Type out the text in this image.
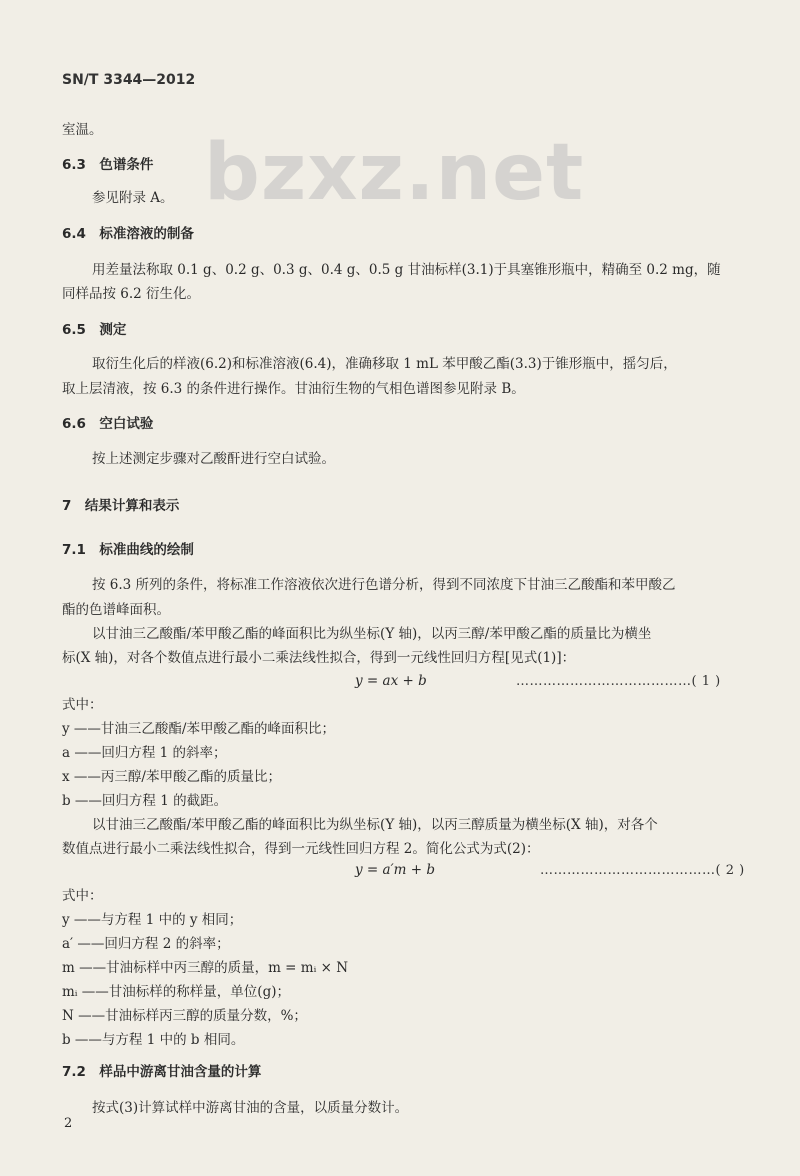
SN/T 3344—2012
bzxz.net
室温。
6.3　色谱条件
参见附录 A。
6.4　标准溶液的制备
用差量法称取 0.1 g、0.2 g、0.3 g、0.4 g、0.5 g 甘油标样(3.1)于具塞锥形瓶中，精确至 0.2 mg，随
同样品按 6.2 衍生化。
6.5　测定
取衍生化后的样液(6.2)和标准溶液(6.4)，准确移取 1 mL 苯甲酸乙酯(3.3)于锥形瓶中，摇匀后，
取上层清液，按 6.3 的条件进行操作。甘油衍生物的气相色谱图参见附录 B。
6.6　空白试验
按上述测定步骤对乙酸酐进行空白试验。
7　结果计算和表示
7.1　标准曲线的绘制
按 6.3 所列的条件，将标准工作溶液依次进行色谱分析，得到不同浓度下甘油三乙酸酯和苯甲酸乙
酯的色谱峰面积。
以甘油三乙酸酯/苯甲酸乙酯的峰面积比为纵坐标(Y 轴)，以丙三醇/苯甲酸乙酯的质量比为横坐
标(X 轴)，对各个数值点进行最小二乘法线性拟合，得到一元线性回归方程[见式(1)]：
y = ax + b	…………………………………( 1 )
式中：
y ——甘油三乙酸酯/苯甲酸乙酯的峰面积比；
a ——回归方程 1 的斜率；
x ——丙三醇/苯甲酸乙酯的质量比；
b ——回归方程 1 的截距。
以甘油三乙酸酯/苯甲酸乙酯的峰面积比为纵坐标(Y 轴)，以丙三醇质量为横坐标(X 轴)，对各个
数值点进行最小二乘法线性拟合，得到一元线性回归方程 2。简化公式为式(2)：
y = a′m + b	…………………………………( 2 )
式中：
y ——与方程 1 中的 y 相同；
a′ ——回归方程 2 的斜率；
m ——甘油标样中丙三醇的质量，m = mᵢ × N
mᵢ ——甘油标样的称样量，单位(g)；
N ——甘油标样丙三醇的质量分数，%；
b ——与方程 1 中的 b 相同。
7.2　样品中游离甘油含量的计算
按式(3)计算试样中游离甘油的含量，以质量分数计。
2
